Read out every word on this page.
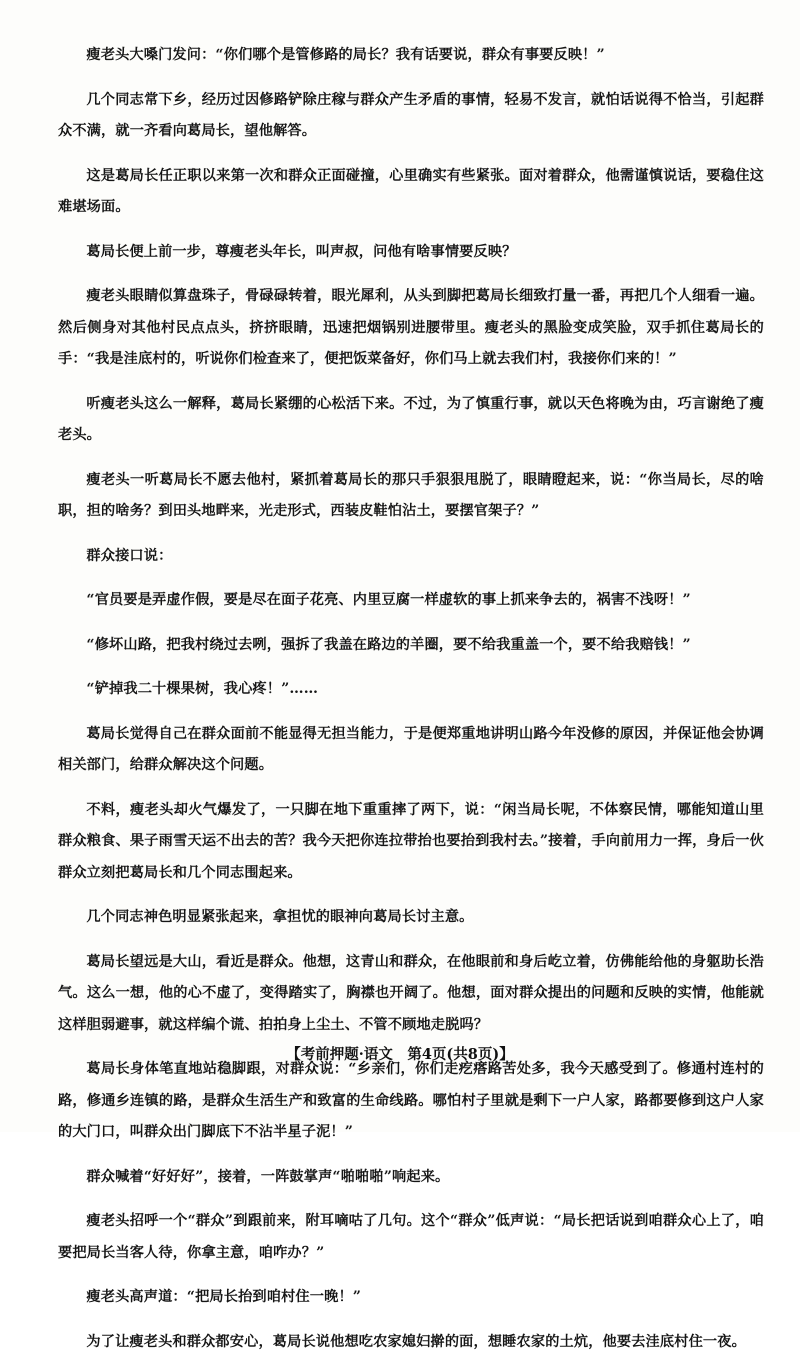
瘦老头大嗓门发问：“你们哪个是管修路的局长？我有话要说，群众有事要反映！”

几个同志常下乡，经历过因修路铲除庄稼与群众产生矛盾的事情，轻易不发言，就怕话说得不恰当，引起群众不满，就一齐看向葛局长，望他解答。

这是葛局长任正职以来第一次和群众正面碰撞，心里确实有些紧张。面对着群众，他需谨慎说话，要稳住这难堪场面。

葛局长便上前一步，尊瘦老头年长，叫声叔，问他有啥事情要反映？

瘦老头眼睛似算盘珠子，骨碌碌转着，眼光犀利，从头到脚把葛局长细致打量一番，再把几个人细看一遍。然后侧身对其他村民点点头，挤挤眼睛，迅速把烟锅别进腰带里。瘦老头的黑脸变成笑脸，双手抓住葛局长的手：“我是洼底村的，听说你们检查来了，便把饭菜备好，你们马上就去我们村，我接你们来的！”

听瘦老头这么一解释，葛局长紧绷的心松活下来。不过，为了慎重行事，就以天色将晚为由，巧言谢绝了瘦老头。

瘦老头一听葛局长不愿去他村，紧抓着葛局长的那只手狠狠甩脱了，眼睛瞪起来，说：“你当局长，尽的啥职，担的啥务？到田头地畔来，光走形式，西装皮鞋怕沾土，要摆官架子？”

群众接口说：

“官员要是弄虚作假，要是尽在面子花亮、内里豆腐一样虚软的事上抓来争去的，祸害不浅呀！”

“修坏山路，把我村绕过去咧，强拆了我盖在路边的羊圈，要不给我重盖一个，要不给我赔钱！”

“铲掉我二十棵果树，我心疼！”……

葛局长觉得自己在群众面前不能显得无担当能力，于是便郑重地讲明山路今年没修的原因，并保证他会协调相关部门，给群众解决这个问题。

不料，瘦老头却火气爆发了，一只脚在地下重重摔了两下，说：“闲当局长呢，不体察民情，哪能知道山里群众粮食、果子雨雪天运不出去的苦？我今天把你连拉带抬也要抬到我村去。”接着，手向前用力一挥，身后一伙群众立刻把葛局长和几个同志围起来。

几个同志神色明显紧张起来，拿担忧的眼神向葛局长讨主意。

葛局长望远是大山，看近是群众。他想，这青山和群众，在他眼前和身后屹立着，仿佛能给他的身躯助长浩气。这么一想，他的心不虚了，变得踏实了，胸襟也开阔了。他想，面对群众提出的问题和反映的实情，他能就这样胆弱避事，就这样编个谎、拍拍身上尘土、不管不顾地走脱吗？

葛局长身体笔直地站稳脚跟，对群众说：“乡亲们，你们走疙瘩路苦处多，我今天感受到了。修通村连村的路，修通乡连镇的路，是群众生活生产和致富的生命线路。哪怕村子里就是剩下一户人家，路都要修到这户人家的大门口，叫群众出门脚底下不沾半星子泥！”

群众喊着“好好好”，接着，一阵鼓掌声“啪啪啪”响起来。

瘦老头招呼一个“群众”到跟前来，附耳嘀咕了几句。这个“群众”低声说：“局长把话说到咱群众心上了，咱要把局长当客人待，你拿主意，咱咋办？”

瘦老头高声道：“把局长抬到咱村住一晚！”

为了让瘦老头和群众都安心，葛局长说他想吃农家媳妇擀的面，想睡农家的土炕，他要去洼底村住一夜。

【考前押题·语文　第4页(共8页)】
